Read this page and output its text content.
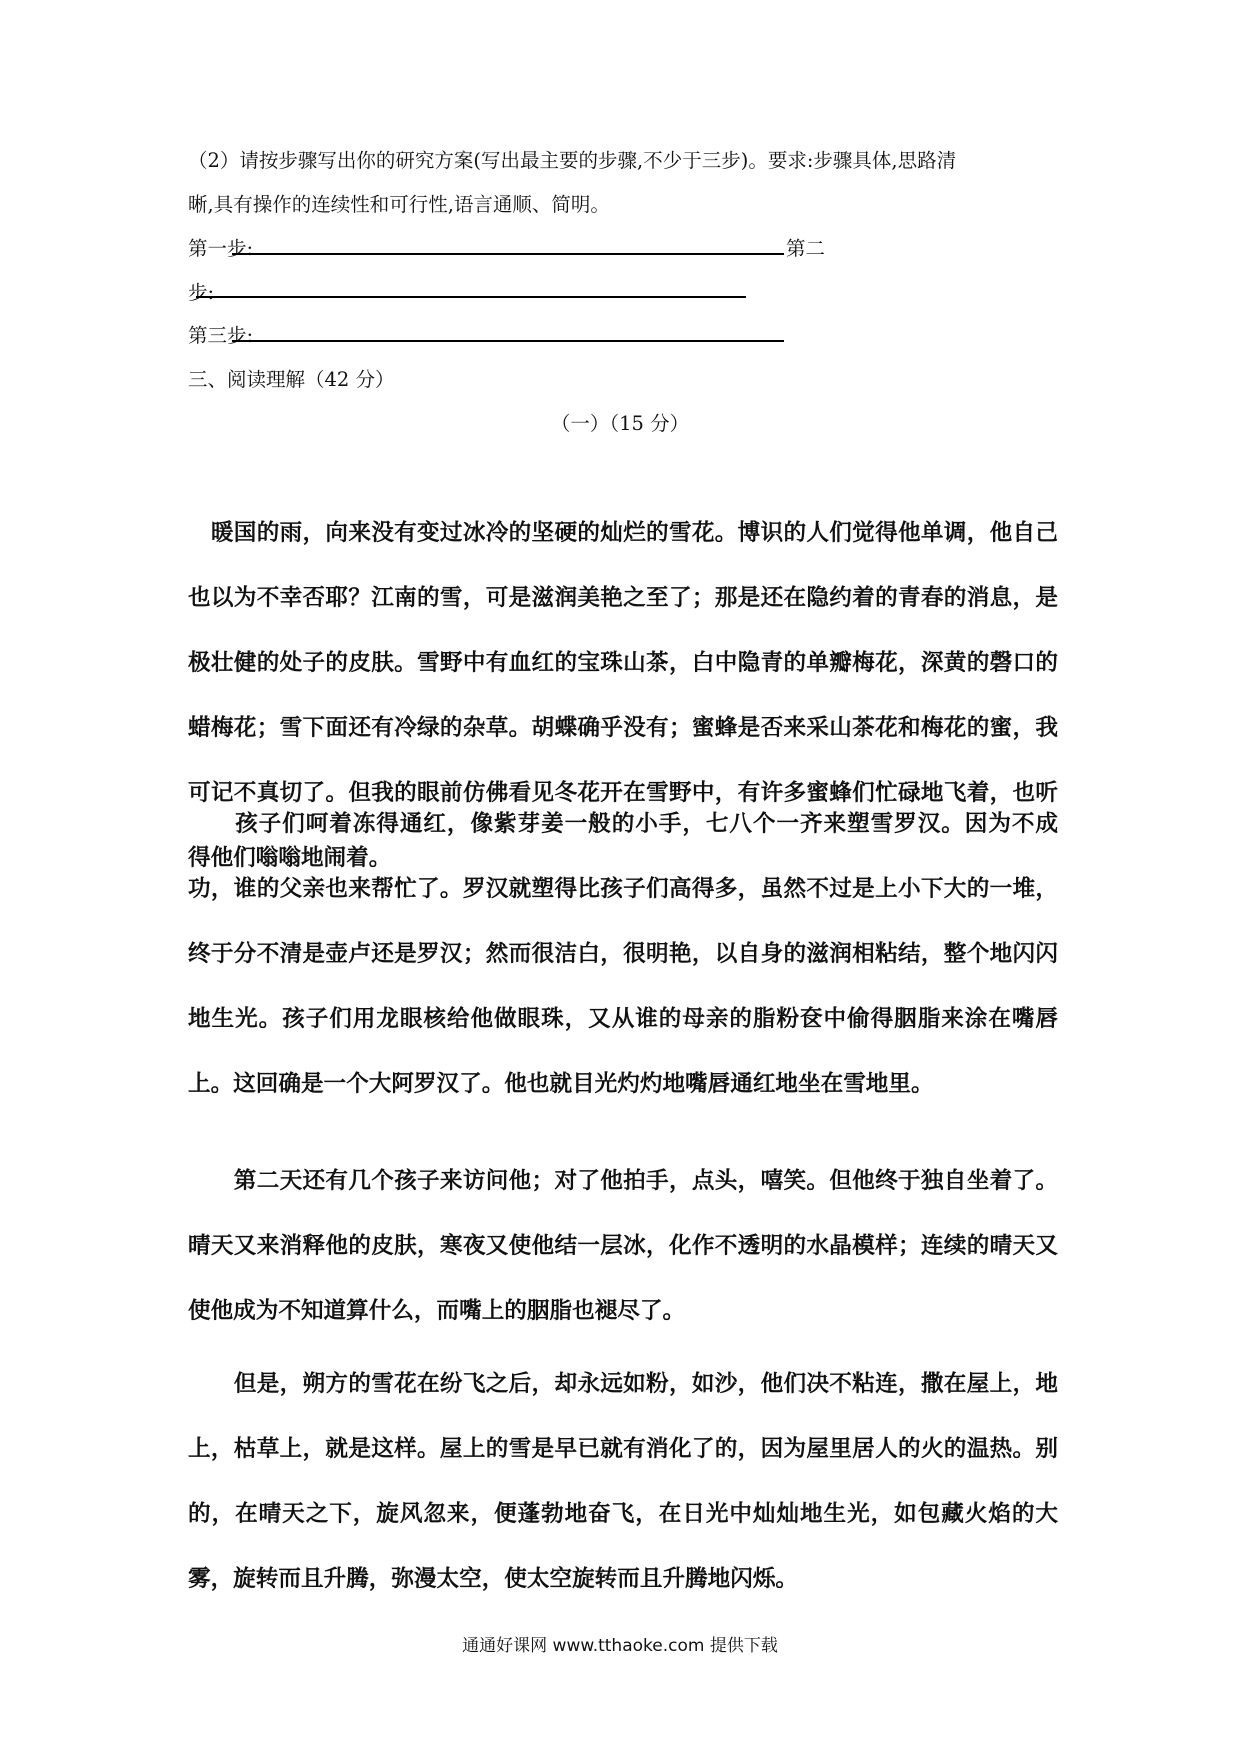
（2）请按步骤写出你的研究方案(写出最主要的步骤,不少于三步)。要求:步骤具体,思路清
晰,具有操作的连续性和可行性,语言通顺、简明。
第一步:	第二
步:
第三步:
三、阅读理解（42 分）
（一）（15 分）

　暖国的雨，向来没有变过冰冷的坚硬的灿烂的雪花。博识的人们觉得他单调，他自己也以为不幸否耶？江南的雪，可是滋润美艳之至了；那是还在隐约着的青春的消息，是极壮健的处子的皮肤。雪野中有血红的宝珠山茶，白中隐青的单瓣梅花，深黄的磬口的蜡梅花；雪下面还有冷绿的杂草。胡蝶确乎没有；蜜蜂是否来采山茶花和梅花的蜜，我可记不真切了。但我的眼前仿佛看见冬花开在雪野中，有许多蜜蜂们忙碌地飞着，也听得他们嗡嗡地闹着。

　　孩子们呵着冻得通红，像紫芽姜一般的小手，七八个一齐来塑雪罗汉。因为不成功，谁的父亲也来帮忙了。罗汉就塑得比孩子们高得多，虽然不过是上小下大的一堆，终于分不清是壶卢还是罗汉；然而很洁白，很明艳，以自身的滋润相粘结，整个地闪闪地生光。孩子们用龙眼核给他做眼珠，又从谁的母亲的脂粉奁中偷得胭脂来涂在嘴唇上。这回确是一个大阿罗汉了。他也就目光灼灼地嘴唇通红地坐在雪地里。

　　第二天还有几个孩子来访问他；对了他拍手，点头，嘻笑。但他终于独自坐着了。晴天又来消释他的皮肤，寒夜又使他结一层冰，化作不透明的水晶模样；连续的晴天又使他成为不知道算什么，而嘴上的胭脂也褪尽了。

　　但是，朔方的雪花在纷飞之后，却永远如粉，如沙，他们决不粘连，撒在屋上，地上，枯草上，就是这样。屋上的雪是早已就有消化了的，因为屋里居人的火的温热。别的，在晴天之下，旋风忽来，便蓬勃地奋飞，在日光中灿灿地生光，如包藏火焰的大雾，旋转而且升腾，弥漫太空，使太空旋转而且升腾地闪烁。

通通好课网 www.tthaoke.com 提供下载
